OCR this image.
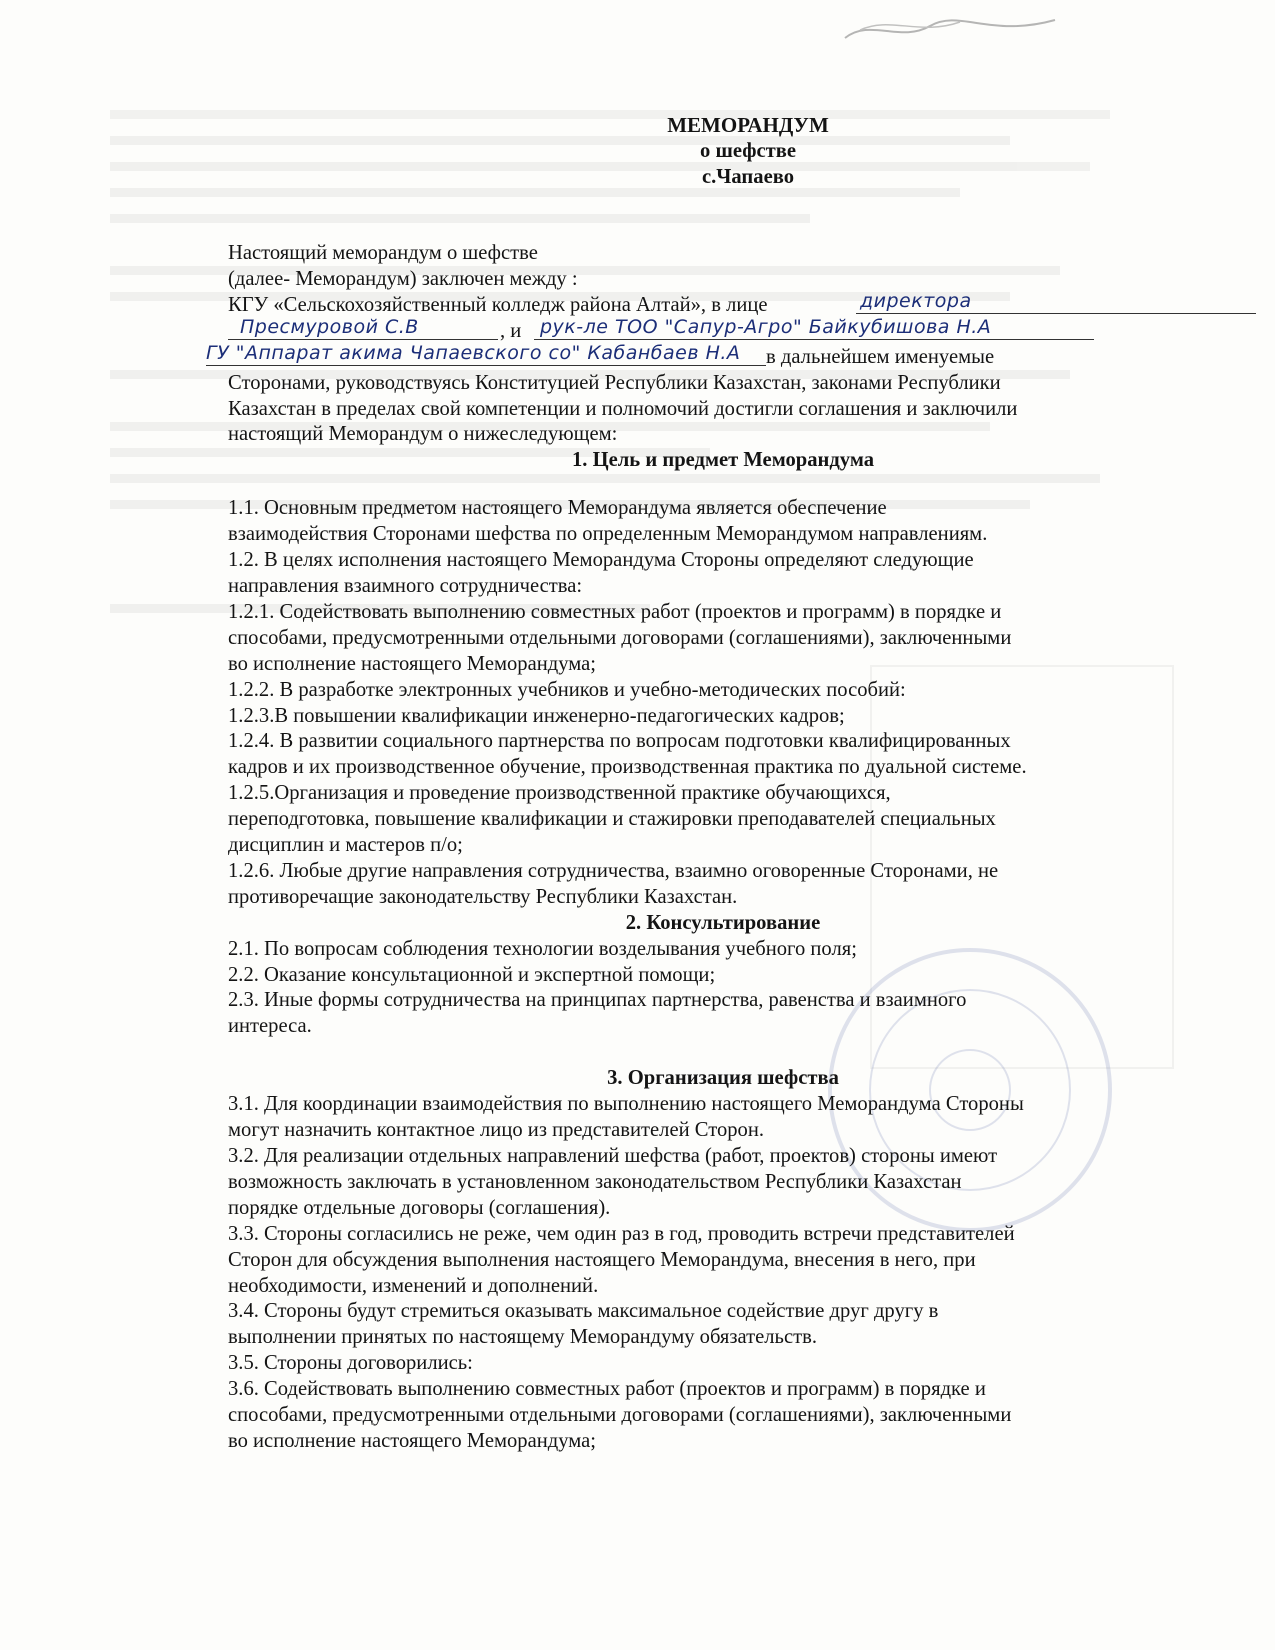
МЕМОРАНДУМ
о шефстве
с.Чапаево

Настоящий меморандум о шефстве

(далее- Меморандум) заключен между :

КГУ «Сельскохозяйственный колледж района Алтай», в лице	директора
Пресмуровой С.В	, и рук-ле ТОО "Сапур-Агро" Байкубишова Н.А
ГУ "Аппарат акима Чапаевского со" Кабанбаев Н.А в дальнейшем именуемые

Сторонами, руководствуясь Конституцией Республики Казахстан, законами Республики

Казахстан в пределах свой компетенции и полномочий достигли соглашения и заключили

настоящий Меморандум о нижеследующем:

1. Цель и предмет Меморандума

1.1. Основным предметом настоящего Меморандума является обеспечение

взаимодействия Сторонами шефства по определенным Меморандумом направлениям.

1.2. В целях исполнения настоящего Меморандума Стороны определяют следующие

направления взаимного сотрудничества:

1.2.1. Содействовать выполнению совместных работ (проектов и программ) в порядке и

способами, предусмотренными отдельными договорами (соглашениями), заключенными

во исполнение настоящего Меморандума;

1.2.2. В разработке электронных учебников и учебно-методических пособий:

1.2.3.В повышении квалификации инженерно-педагогических кадров;

1.2.4. В развитии социального партнерства по вопросам подготовки квалифицированных

кадров и их производственное обучение, производственная практика по дуальной системе.

1.2.5.Организация и проведение производственной практике обучающихся,

переподготовка, повышение квалификации и стажировки преподавателей специальных

дисциплин и мастеров п/о;

1.2.6. Любые другие направления сотрудничества, взаимно оговоренные Сторонами, не

противоречащие законодательству Республики Казахстан.

2. Консультирование

2.1. По вопросам соблюдения технологии возделывания учебного поля;

2.2. Оказание консультационной и экспертной помощи;

2.3. Иные формы сотрудничества на принципах партнерства, равенства и взаимного

интереса.

3. Организация шефства

3.1. Для координации взаимодействия по выполнению настоящего Меморандума Стороны

могут назначить контактное лицо из представителей Сторон.

3.2. Для реализации отдельных направлений шефства (работ, проектов) стороны имеют

возможность заключать в установленном законодательством Республики Казахстан

порядке отдельные договоры (соглашения).

3.3. Стороны согласились не реже, чем один раз в год, проводить встречи представителей

Сторон для обсуждения выполнения настоящего Меморандума, внесения в него, при

необходимости, изменений и дополнений.

3.4. Стороны будут стремиться оказывать максимальное содействие друг другу в

выполнении принятых по настоящему Меморандуму обязательств.

3.5. Стороны договорились:

3.6. Содействовать выполнению совместных работ (проектов и программ) в порядке и

способами, предусмотренными отдельными договорами (соглашениями), заключенными

во исполнение настоящего Меморандума;
